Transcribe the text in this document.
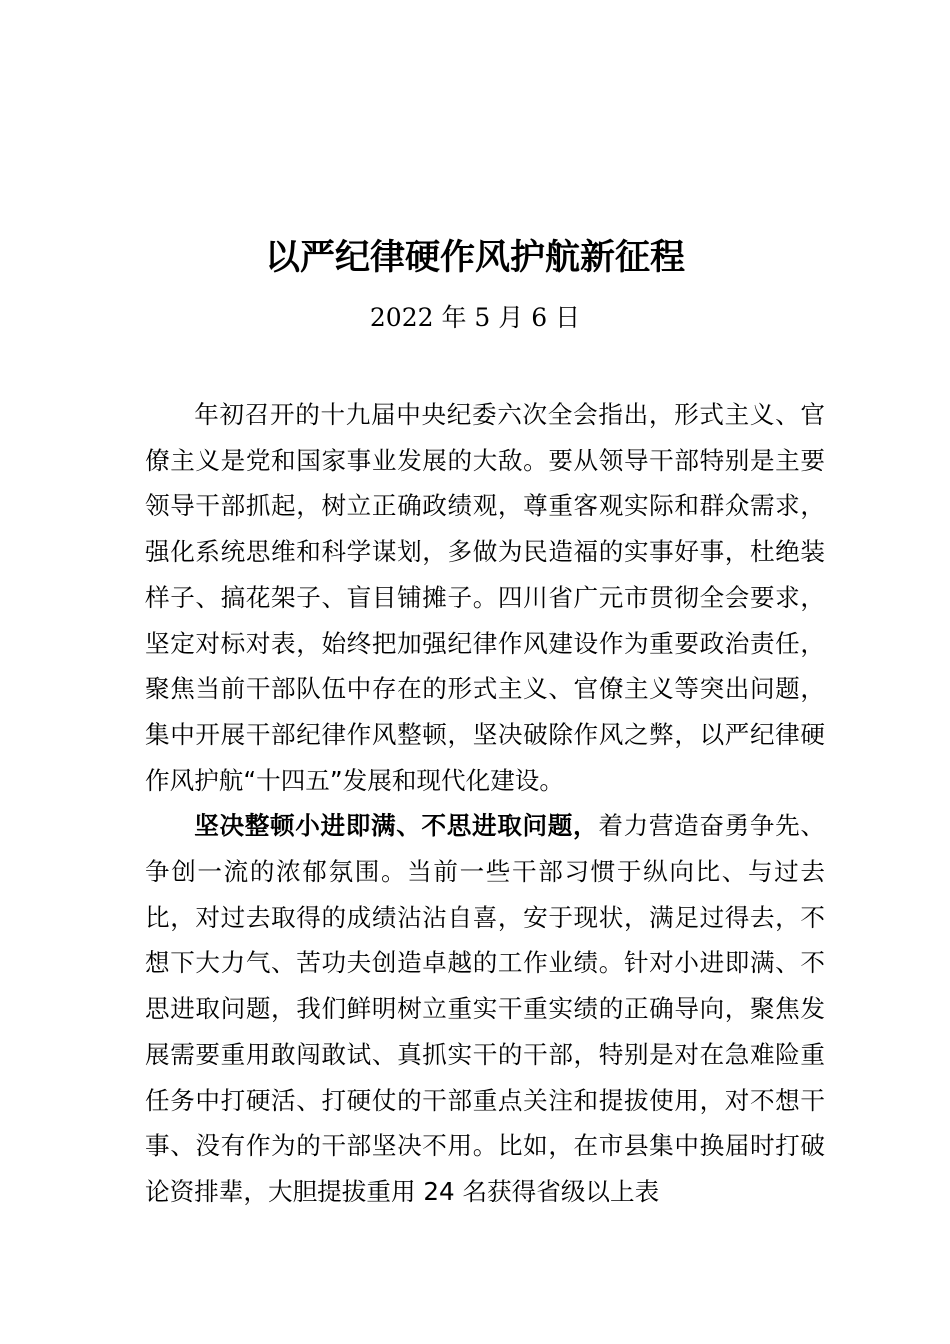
以严纪律硬作风护航新征程
2022 年 5 月 6 日

年初召开的十九届中央纪委六次全会指出，形式主义、官僚主义是党和国家事业发展的大敌。要从领导干部特别是主要领导干部抓起，树立正确政绩观，尊重客观实际和群众需求，强化系统思维和科学谋划，多做为民造福的实事好事，杜绝装样子、搞花架子、盲目铺摊子。四川省广元市贯彻全会要求，坚定对标对表，始终把加强纪律作风建设作为重要政治责任，聚焦当前干部队伍中存在的形式主义、官僚主义等突出问题，集中开展干部纪律作风整顿，坚决破除作风之弊，以严纪律硬作风护航“十四五”发展和现代化建设。

坚决整顿小进即满、不思进取问题，着力营造奋勇争先、争创一流的浓郁氛围。当前一些干部习惯于纵向比、与过去比，对过去取得的成绩沾沾自喜，安于现状，满足过得去，不想下大力气、苦功夫创造卓越的工作业绩。针对小进即满、不思进取问题，我们鲜明树立重实干重实绩的正确导向，聚焦发展需要重用敢闯敢试、真抓实干的干部，特别是对在急难险重任务中打硬活、打硬仗的干部重点关注和提拔使用，对不想干事、没有作为的干部坚决不用。比如，在市县集中换届时打破论资排辈，大胆提拔重用 24 名获得省级以上表
